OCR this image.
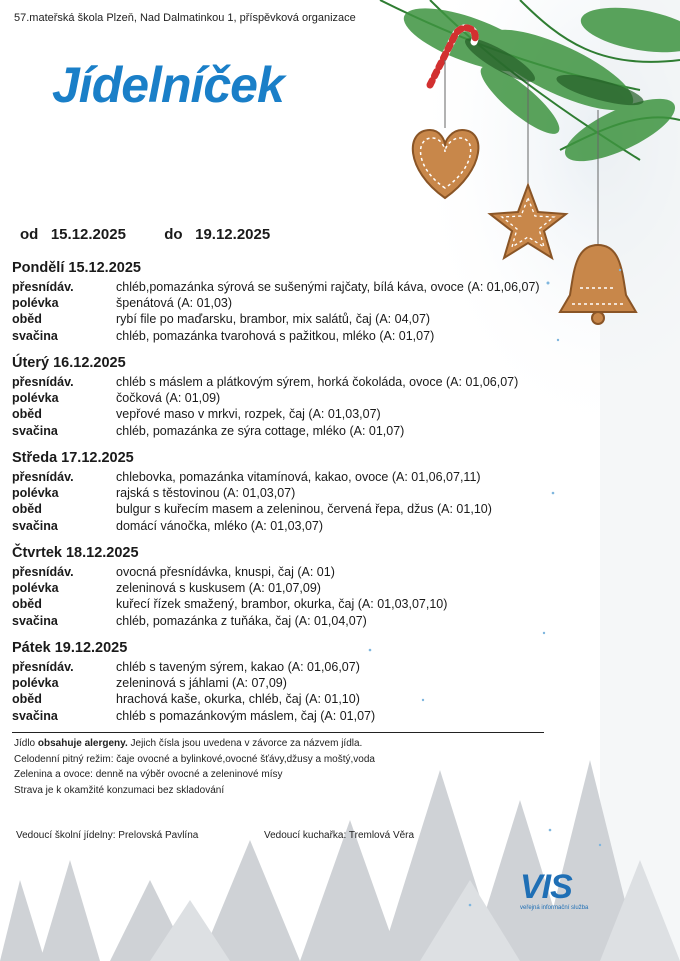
57.mateřská škola Plzeň, Nad Dalmatinkou 1, příspěvková organizace
Jídelníček
od 15.12.2025	do 19.12.2025
Pondělí 15.12.2025
přesnídáv.	chléb,pomazánka sýrová se sušenými rajčaty, bílá káva, ovoce (A: 01,06,07)
polévka	špenátová (A: 01,03)
oběd	rybí file po maďarsku, brambor, mix salátů, čaj (A: 04,07)
svačina	chléb, pomazánka tvarohová s pažitkou, mléko (A: 01,07)
Úterý 16.12.2025
přesnídáv.	chléb s máslem a plátkovým sýrem, horká čokoláda, ovoce (A: 01,06,07)
polévka	čočková (A: 01,09)
oběd	vepřové maso v mrkvi, rozpek, čaj (A: 01,03,07)
svačina	chléb, pomazánka ze sýra cottage, mléko (A: 01,07)
Středa 17.12.2025
přesnídáv.	chlebovka, pomazánka vitamínová, kakao, ovoce (A: 01,06,07,11)
polévka	rajská s těstovinou (A: 01,03,07)
oběd	bulgur s kuřecím masem a zeleninou, červená řepa, džus (A: 01,10)
svačina	domácí vánočka, mléko (A: 01,03,07)
Čtvrtek 18.12.2025
přesnídáv.	ovocná přesnídávka, knuspi, čaj (A: 01)
polévka	zeleninová s kuskusem (A: 01,07,09)
oběd	kuřecí řízek smažený, brambor, okurka, čaj (A: 01,03,07,10)
svačina	chléb, pomazánka z tuňáka, čaj (A: 01,04,07)
Pátek 19.12.2025
přesnídáv.	chléb s taveným sýrem, kakao (A: 01,06,07)
polévka	zeleninová s jáhlami (A: 07,09)
oběd	hrachová kaše, okurka, chléb, čaj (A: 01,10)
svačina	chléb s pomazánkovým máslem, čaj (A: 01,07)
Jídlo obsahuje alergeny. Jejich čísla jsou uvedena v závorce za názvem jídla.
Celodenní pitný režim: čaje ovocné a bylinkové,ovocné šťávy,džusy a moštý,voda
Zelenina a ovoce: denně na výběr ovocné a zeleninové mísy
Strava je k okamžité konzumaci bez skladování
Vedoucí školní jídelny: Prelovská Pavlína	Vedoucí kuchařka: Tremlová Věra
VIS
veřejná informační služba
